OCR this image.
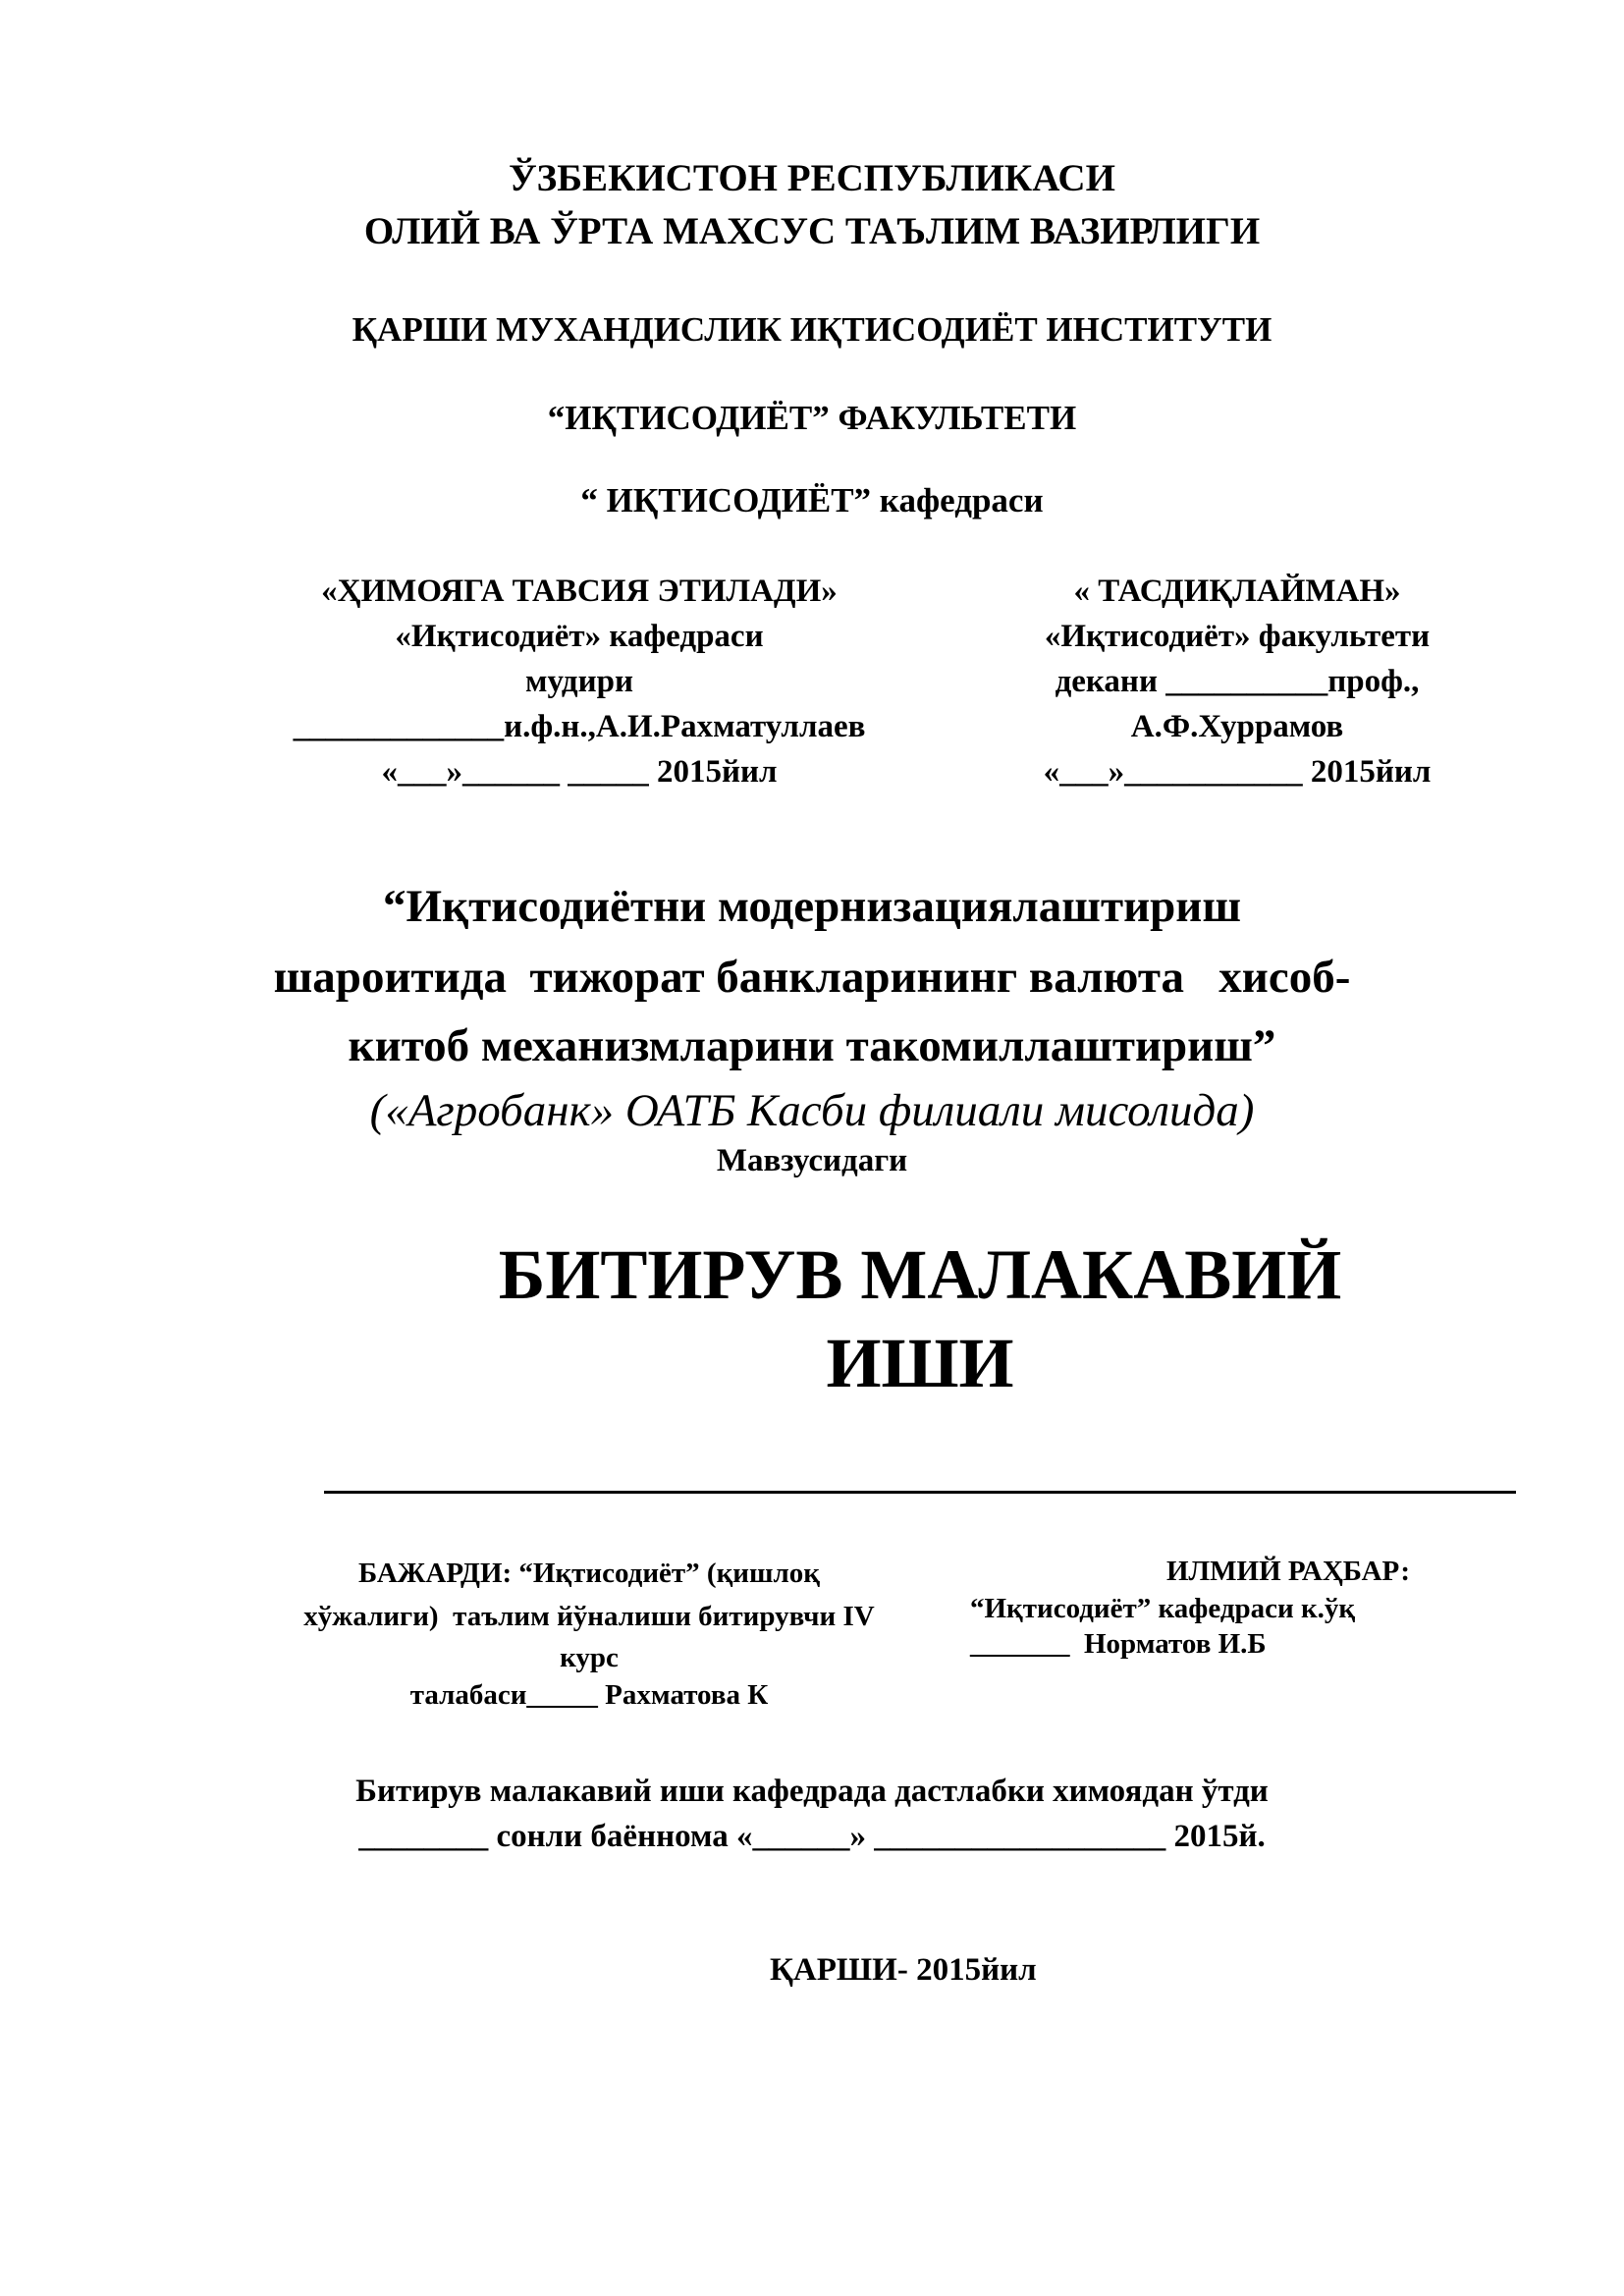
ЎЗБЕКИСТОН РЕСПУБЛИКАСИ
ОЛИЙ ВА ЎРТА МАХСУС ТАЪЛИМ ВАЗИРЛИГИ
ҚАРШИ МУХАНДИСЛИК ИҚТИСОДИЁТ ИНСТИТУТИ
“ИҚТИСОДИЁТ” ФАКУЛЬТЕТИ
“ ИҚТИСОДИЁТ” кафедраси
«ҲИМОЯГА ТАВСИЯ ЭТИЛАДИ»
«Иқтисодиёт» кафедраси
мудири
_____________и.ф.н.,А.И.Рахматуллаев
«___»______ _____ 2015йил
« ТАСДИҚЛАЙМАН»
«Иқтисодиёт» факультети
декани __________проф.,
А.Ф.Хуррамов
«___»___________ 2015йил
“Иқтисодиётни модернизациялаштириш
шароитида  тижорат банкларининг валюта   хисоб-
китоб механизмларини такомиллаштириш”
(«Агробанк» ОАТБ Касби филиали мисолида)
Мавзусидаги
БИТИРУВ МАЛАКАВИЙ
ИШИ
БАЖАРДИ: “Иқтисодиёт” (қишлоқ
хўжалиги)  таълим йўналиши битирувчи IV
курс
талабаси_____ Рахматова К
ИЛМИЙ РАҲБАР:
“Иқтисодиёт” кафедраси к.ўқ
_______  Норматов И.Б
Битирув малакавий иши кафедрада дастлабки химоядан ўтди
________ сонли баённома «______» __________________ 2015й.
ҚАРШИ- 2015йил
